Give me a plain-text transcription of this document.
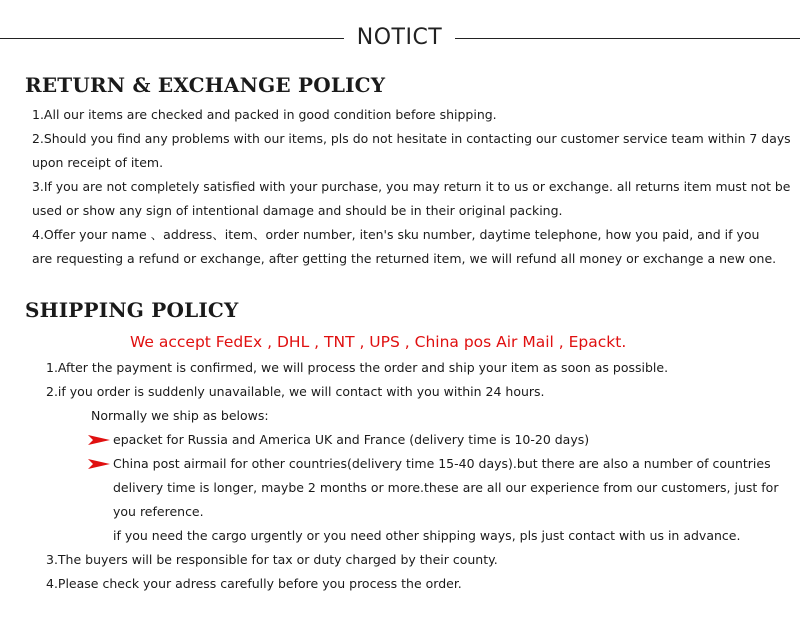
NOTICT
RETURN & EXCHANGE POLICY
1.All our items are checked and packed in good condition before shipping.
2.Should you find any problems with our items, pls do not hesitate in contacting our customer service team within 7 days
upon receipt of item.
3.If you are not completely satisfied with your purchase, you may return it to us or exchange. all returns item must not be
used or show any sign of intentional damage and should be in their original packing.
4.Offer your name 、address、item、order number, iten's sku number, daytime telephone, how you paid, and if you
are requesting a refund or exchange, after getting the returned item, we will refund all money or exchange a new one.
SHIPPING POLICY
We accept FedEx , DHL , TNT , UPS , China pos Air Mail , Epackt.
1.After the payment is confirmed, we will process the order and ship your item as soon as possible.
2.if you order is suddenly unavailable, we will contact with you within 24 hours.
Normally we ship as belows:
epacket for Russia and America UK and France (delivery time is 10-20 days)
China post airmail for other countries(delivery time 15-40 days).but there are also a number of countries
delivery time is longer, maybe 2 months or more.these are all our experience from our customers, just for
you reference.
if you need the cargo urgently or you need other shipping ways, pls just contact with us in advance.
3.The buyers will be responsible for tax or duty charged by their county.
4.Please check your adress carefully before you process the order.
